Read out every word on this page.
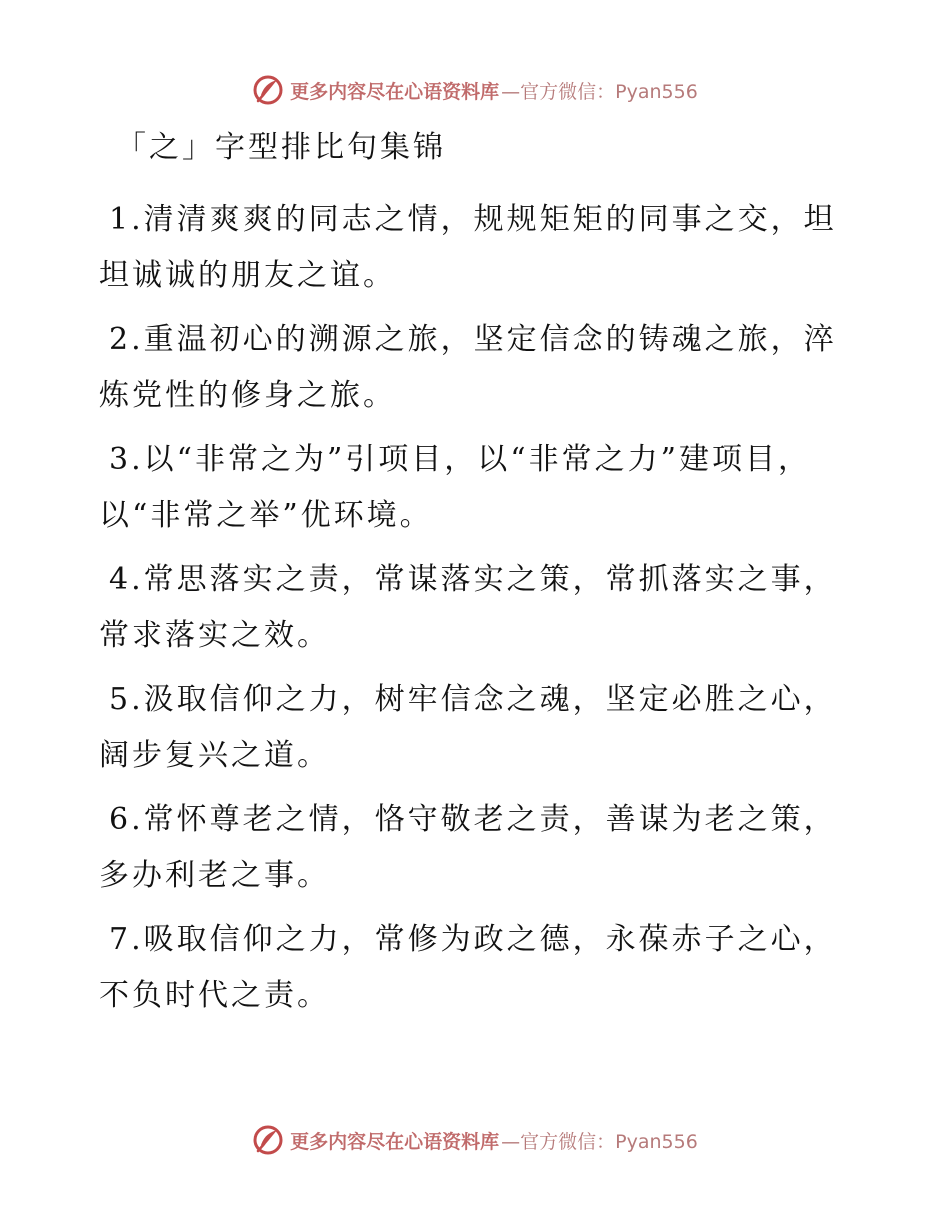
更多内容尽在心语资料库 —官方微信：Pyan556
「之」字型排比句集锦

1.清清爽爽的同志之情，规规矩矩的同事之交，坦坦诚诚的朋友之谊。

2.重温初心的溯源之旅，坚定信念的铸魂之旅，淬炼党性的修身之旅。

3.以“非常之为”引项目，以“非常之力”建项目，以“非常之举”优环境。

4.常思落实之责，常谋落实之策，常抓落实之事，常求落实之效。

5.汲取信仰之力，树牢信念之魂，坚定必胜之心，阔步复兴之道。

6.常怀尊老之情，恪守敬老之责，善谋为老之策，多办利老之事。

7.吸取信仰之力，常修为政之德，永葆赤子之心，不负时代之责。

更多内容尽在心语资料库 —官方微信：Pyan556
